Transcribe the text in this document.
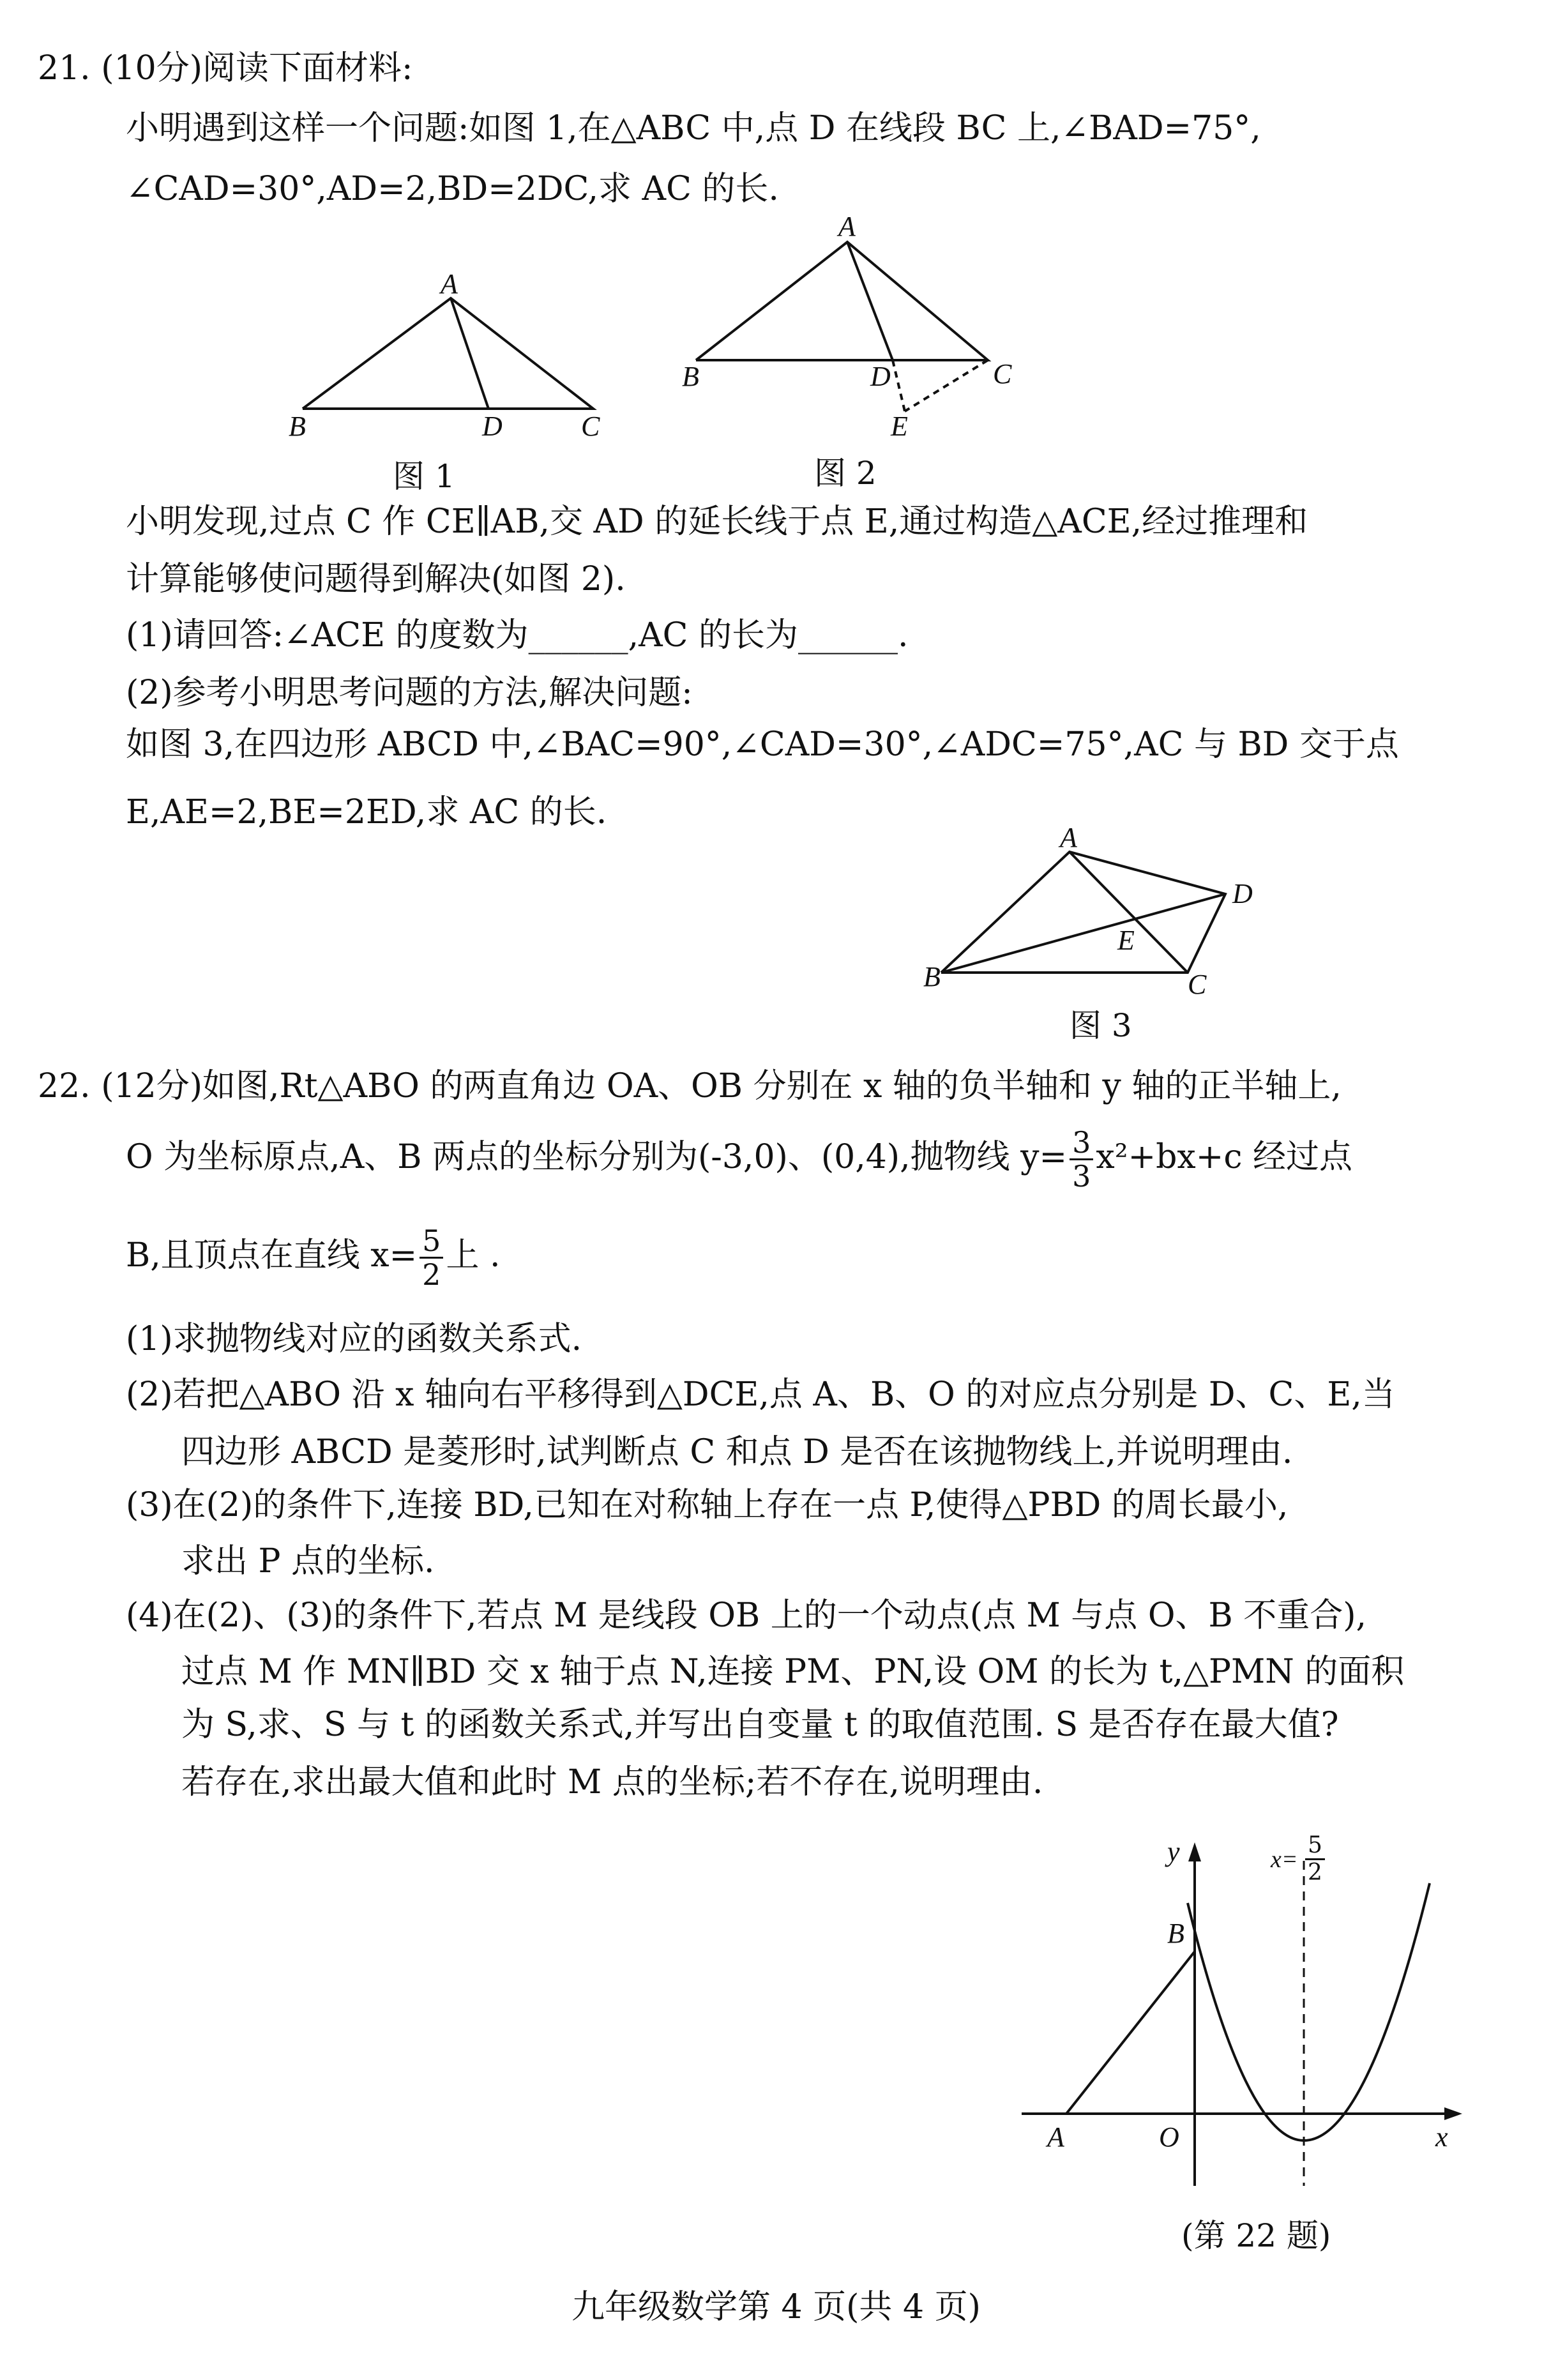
21. (10分)阅读下面材料:
小明遇到这样一个问题:如图 1,在△ABC 中,点 D 在线段 BC 上,∠BAD=75°,
∠CAD=30°,AD=2,BD=2DC,求 AC 的长.
A
B	D	C
图 1
A
B	D	C
E
图 2
小明发现,过点 C 作 CE∥AB,交 AD 的延长线于点 E,通过构造△ACE,经过推理和
计算能够使问题得到解决(如图 2).
(1)请回答:∠ACE 的度数为______,AC 的长为______.
(2)参考小明思考问题的方法,解决问题:
如图 3,在四边形 ABCD 中,∠BAC=90°,∠CAD=30°,∠ADC=75°,AC 与 BD 交于点
E,AE=2,BE=2ED,求 AC 的长.
A
B	C
D
E
图 3
22. (12分)如图,Rt△ABO 的两直角边 OA、OB 分别在 x 轴的负半轴和 y 轴的正半轴上,
O 为坐标原点,A、B 两点的坐标分别为(-3,0)、(0,4),抛物线 $y= \frac{3}{3} x^2+bx+c$ 经过点
B,且顶点在直线 $x= \frac{5}{2}$ 上 .
(1)求抛物线对应的函数关系式.
(2)若把△ABO 沿 x 轴向右平移得到△DCE,点 A、B、O 的对应点分别是 D、C、E,当
四边形 ABCD 是菱形时,试判断点 C 和点 D 是否在该抛物线上,并说明理由.
(3)在(2)的条件下,连接 BD,已知在对称轴上存在一点 P,使得△PBD 的周长最小,
求出 P 点的坐标.
(4)在(2)、(3)的条件下,若点 M 是线段 OB 上的一个动点(点 M 与点 O、B 不重合),
过点 M 作 MN∥BD 交 x 轴于点 N,连接 PM、PN,设 OM 的长为 t,△PMN 的面积
为 S,求、S 与 t 的函数关系式,并写出自变量 t 的取值范围. S 是否存在最大值?
若存在,求出最大值和此时 M 点的坐标;若不存在,说明理由.
y	$x= \frac{5}{2}$
B
A	O	x
(第 22 题)
九年级数学第 4 页(共 4 页)
